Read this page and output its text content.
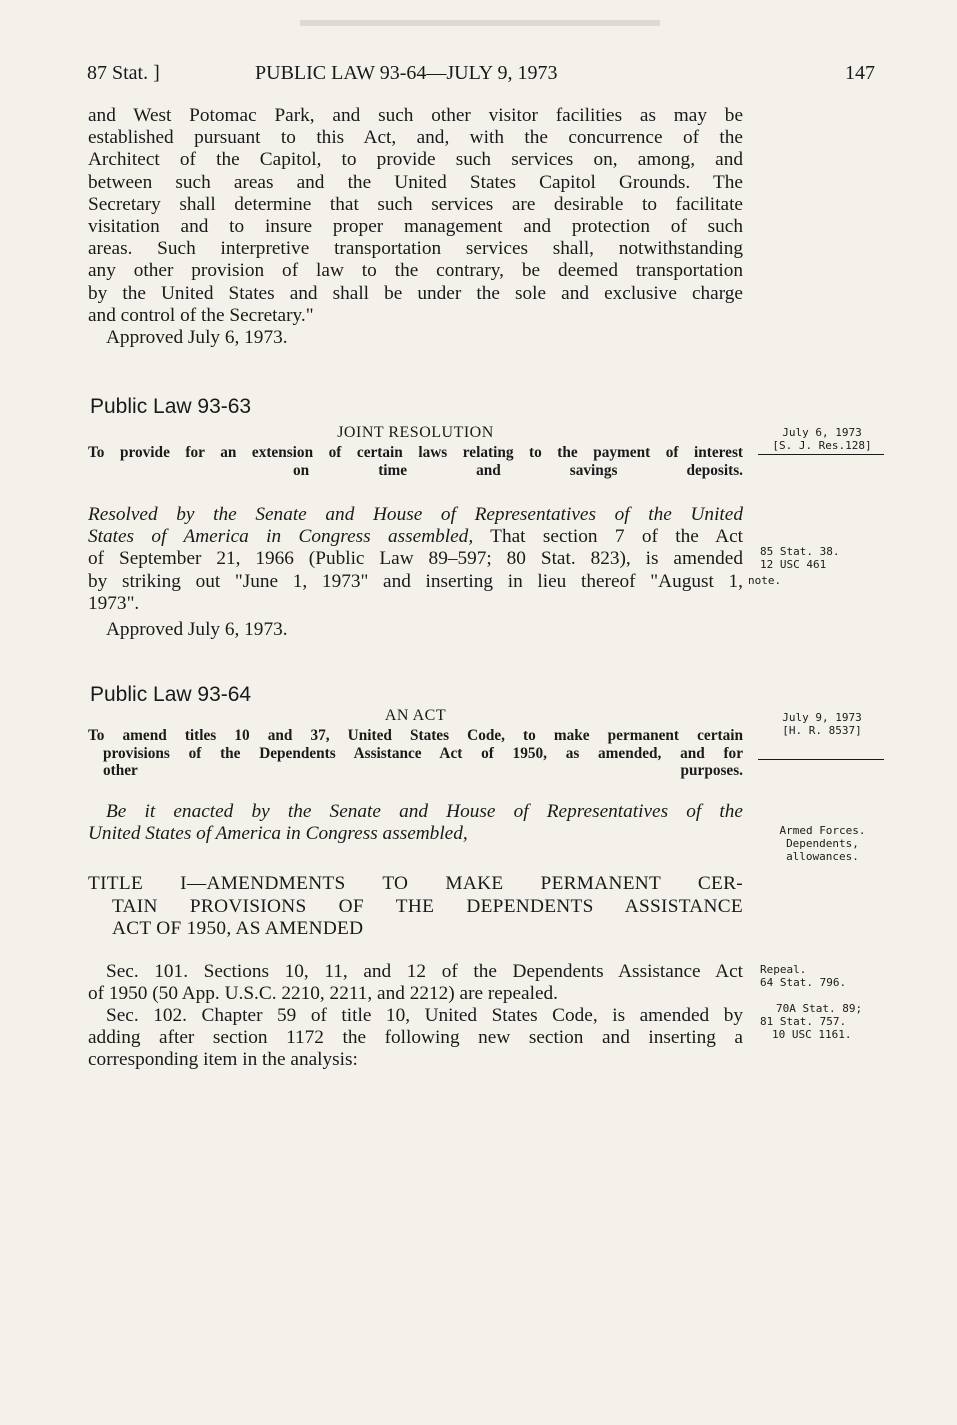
87 Stat. ]	PUBLIC LAW 93-64—JULY 9, 1973	147
and West Potomac Park, and such other visitor facilities as may be
established pursuant to this Act, and, with the concurrence of the
Architect of the Capitol, to provide such services on, among, and
between such areas and the United States Capitol Grounds. The
Secretary shall determine that such services are desirable to facilitate
visitation and to insure proper management and protection of such
areas. Such interpretive transportation services shall, notwithstanding
any other provision of law to the contrary, be deemed transportation
by the United States and shall be under the sole and exclusive charge
and control of the Secretary."
Approved July 6, 1973.
Public Law 93-63
JOINT RESOLUTION
To provide for an extension of certain laws relating to the payment of interest
on time and savings deposits.
July 6, 1973
[S. J. Res.128]
Resolved by the Senate and House of Representatives of the United
States of America in Congress assembled, That section 7 of the Act
of September 21, 1966 (Public Law 89–597; 80 Stat. 823), is amended
by striking out "June 1, 1973" and inserting in lieu thereof "August 1,
1973".
Approved July 6, 1973.
85 Stat. 38.
12 USC 461
note.
Public Law 93-64
AN ACT
To amend titles 10 and 37, United States Code, to make permanent certain
provisions of the Dependents Assistance Act of 1950, as amended, and for
other purposes.
July 9, 1973
[H. R. 8537]
Be it enacted by the Senate and House of Representatives of the
United States of America in Congress assembled,	Armed Forces.
Dependents,
allowances.
TITLE I—AMENDMENTS TO MAKE PERMANENT CER-
TAIN PROVISIONS OF THE DEPENDENTS ASSISTANCE
ACT OF 1950, AS AMENDED
Sec. 101. Sections 10, 11, and 12 of the Dependents Assistance Act
of 1950 (50 App. U.S.C. 2210, 2211, and 2212) are repealed.
Repeal.
64 Stat. 796.
Sec. 102. Chapter 59 of title 10, United States Code, is amended by
adding after section 1172 the following new section and inserting a
corresponding item in the analysis:
70A Stat. 89;
81 Stat. 757.
10 USC 1161.
